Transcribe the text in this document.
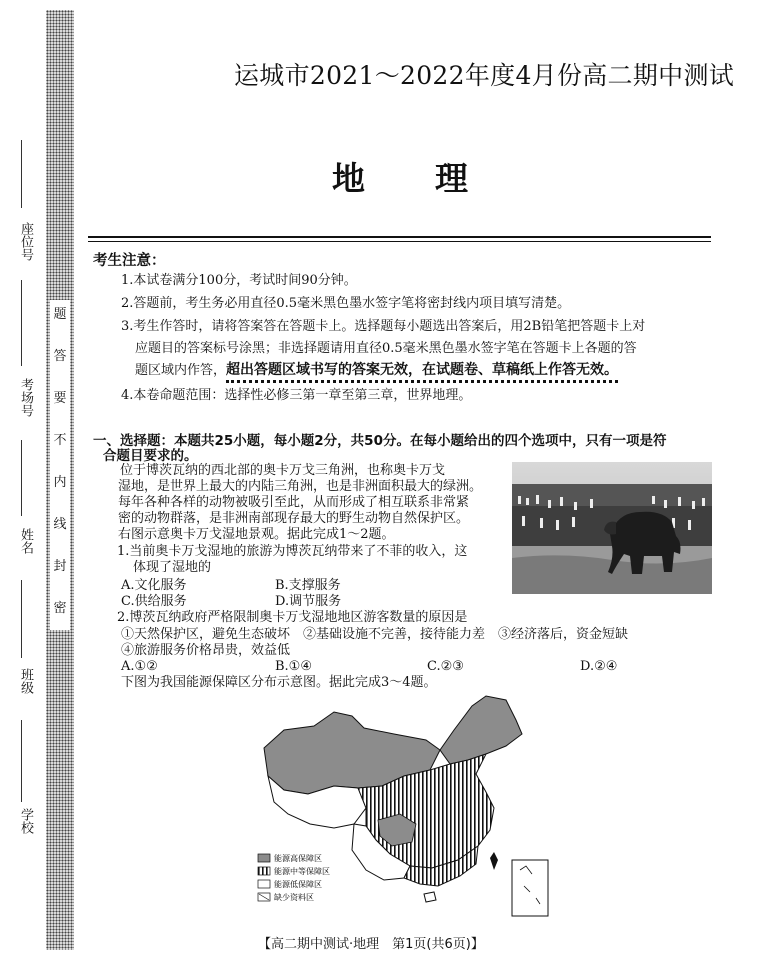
题
答
要
不
内
线
封
密
座位号
考场号
姓名
班级
学校
运城市2021～2022年度4月份高二期中测试
地理
考生注意：
1.本试卷满分100分，考试时间90分钟。
2.答题前，考生务必用直径0.5毫米黑色墨水签字笔将密封线内项目填写清楚。
3.考生作答时，请将答案答在答题卡上。选择题每小题选出答案后，用2B铅笔把答题卡上对
应题目的答案标号涂黑；非选择题请用直径0.5毫米黑色墨水签字笔在答题卡上各题的答
题区域内作答，超出答题区域书写的答案无效，在试题卷、草稿纸上作答无效。
4.本卷命题范围：选择性必修三第一章至第三章，世界地理。
一、选择题：本题共25小题，每小题2分，共50分。在每小题给出的四个选项中，只有一项是符
合题目要求的。
位于博茨瓦纳的西北部的奥卡万戈三角洲，也称奥卡万戈
湿地，是世界上最大的内陆三角洲，也是非洲面积最大的绿洲。
每年各种各样的动物被吸引至此，从而形成了相互联系非常紧
密的动物群落，是非洲南部现存最大的野生动物自然保护区。
右图示意奥卡万戈湿地景观。据此完成1～2题。
1.当前奥卡万戈湿地的旅游为博茨瓦纳带来了不菲的收入，这
体现了湿地的
A.文化服务	B.支撑服务
C.供给服务	D.调节服务
2.博茨瓦纳政府严格限制奥卡万戈湿地地区游客数量的原因是
①天然保护区，避免生态破坏　②基础设施不完善，接待能力差　③经济落后，资金短缺
④旅游服务价格昂贵，效益低
A.①②	B.①④	C.②③	D.②④
下图为我国能源保障区分布示意图。据此完成3～4题。
能源高保障区
能源中等保障区
能源低保障区
缺少资料区
【高二期中测试·地理　第1页(共6页)】
